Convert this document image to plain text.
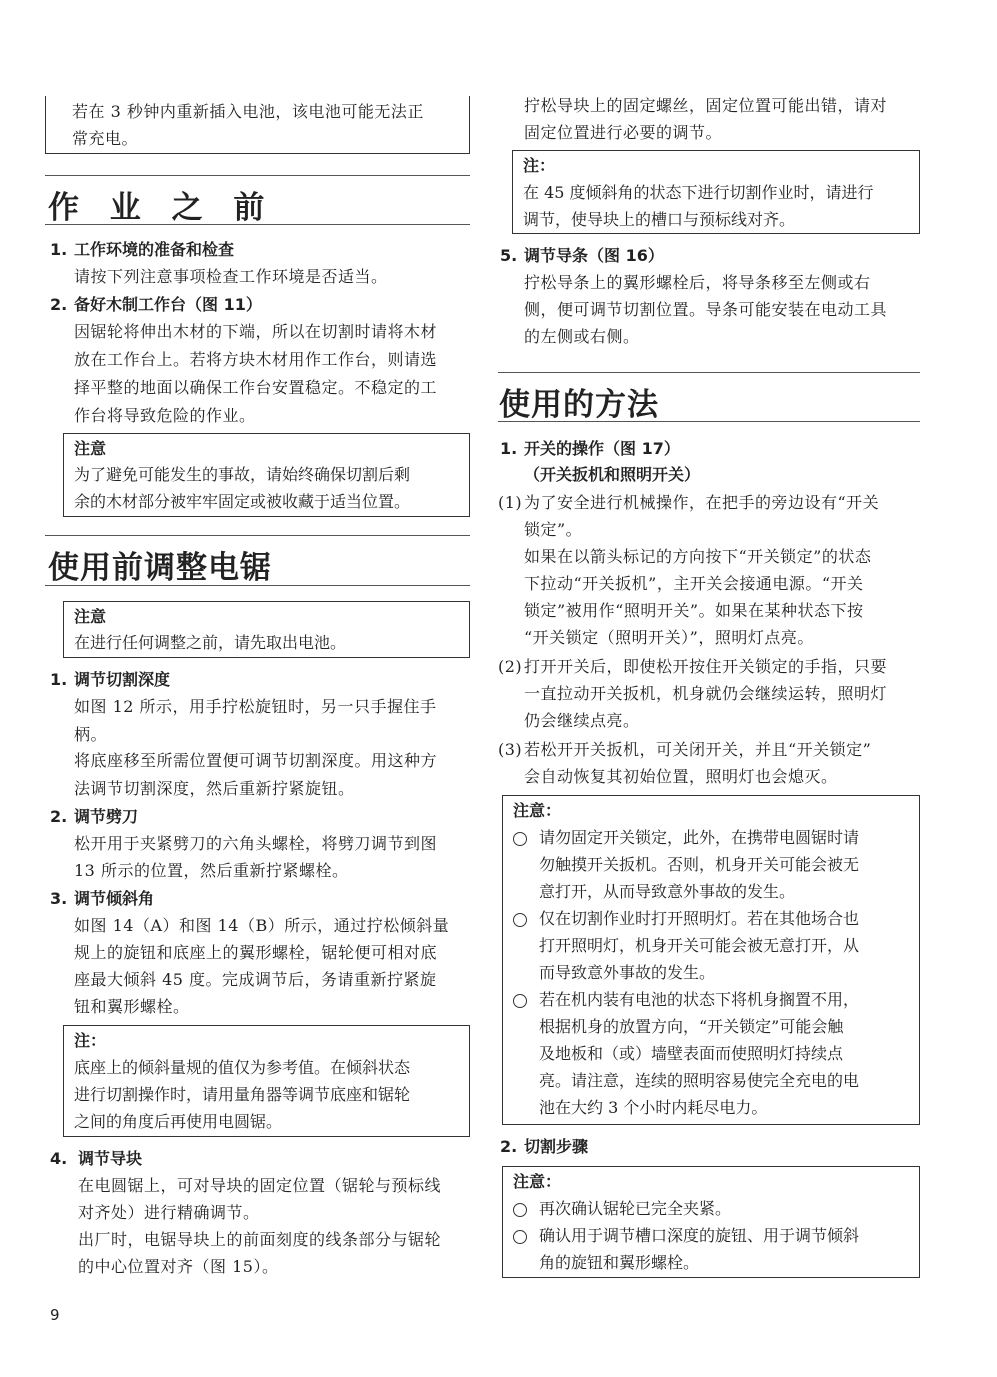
若在 3 秒钟内重新插入电池，该电池可能无法正
常充电。
作 业 之 前
1. 工作环境的准备和检查
请按下列注意事项检查工作环境是否适当。
2. 备好木制工作台（图 11）
因锯轮将伸出木材的下端，所以在切割时请将木材
放在工作台上。若将方块木材用作工作台，则请选
择平整的地面以确保工作台安置稳定。不稳定的工
作台将导致危险的作业。
注意
为了避免可能发生的事故，请始终确保切割后剩
余的木材部分被牢牢固定或被收藏于适当位置。
使用前调整电锯
注意
在进行任何调整之前，请先取出电池。
1. 调节切割深度
如图 12 所示，用手拧松旋钮时，另一只手握住手
柄。
将底座移至所需位置便可调节切割深度。用这种方
法调节切割深度，然后重新拧紧旋钮。
2. 调节劈刀
松开用于夹紧劈刀的六角头螺栓，将劈刀调节到图
13 所示的位置，然后重新拧紧螺栓。
3. 调节倾斜角
如图 14（A）和图 14（B）所示，通过拧松倾斜量
规上的旋钮和底座上的翼形螺栓，锯轮便可相对底
座最大倾斜 45 度。完成调节后，务请重新拧紧旋
钮和翼形螺栓。
注：
底座上的倾斜量规的值仅为参考值。在倾斜状态
进行切割操作时，请用量角器等调节底座和锯轮
之间的角度后再使用电圆锯。
4. 调节导块
在电圆锯上，可对导块的固定位置（锯轮与预标线
对齐处）进行精确调节。
出厂时，电锯导块上的前面刻度的线条部分与锯轮
的中心位置对齐（图 15）。
拧松导块上的固定螺丝，固定位置可能出错，请对
固定位置进行必要的调节。
注：
在 45 度倾斜角的状态下进行切割作业时，请进行
调节，使导块上的槽口与预标线对齐。
5. 调节导条（图 16）
拧松导条上的翼形螺栓后，将导条移至左侧或右
侧，便可调节切割位置。导条可能安装在电动工具
的左侧或右侧。
使用的方法
1. 开关的操作（图 17）
（开关扳机和照明开关）
(1) 为了安全进行机械操作，在把手的旁边设有“开关
锁定”。
如果在以箭头标记的方向按下“开关锁定”的状态
下拉动“开关扳机”，主开关会接通电源。“开关
锁定”被用作“照明开关”。如果在某种状态下按
“开关锁定（照明开关）”，照明灯点亮。
(2) 打开开关后，即使松开按住开关锁定的手指，只要
一直拉动开关扳机，机身就仍会继续运转，照明灯
仍会继续点亮。
(3) 若松开开关扳机，可关闭开关，并且“开关锁定”
会自动恢复其初始位置，照明灯也会熄灭。
注意：
请勿固定开关锁定，此外，在携带电圆锯时请
勿触摸开关扳机。否则，机身开关可能会被无
意打开，从而导致意外事故的发生。
仅在切割作业时打开照明灯。若在其他场合也
打开照明灯，机身开关可能会被无意打开，从
而导致意外事故的发生。
若在机内装有电池的状态下将机身搁置不用，
根据机身的放置方向，“开关锁定”可能会触
及地板和（或）墙壁表面而使照明灯持续点
亮。请注意，连续的照明容易使完全充电的电
池在大约 3 个小时内耗尽电力。
2. 切割步骤
注意：
再次确认锯轮已完全夹紧。
确认用于调节槽口深度的旋钮、用于调节倾斜
角的旋钮和翼形螺栓。
9
